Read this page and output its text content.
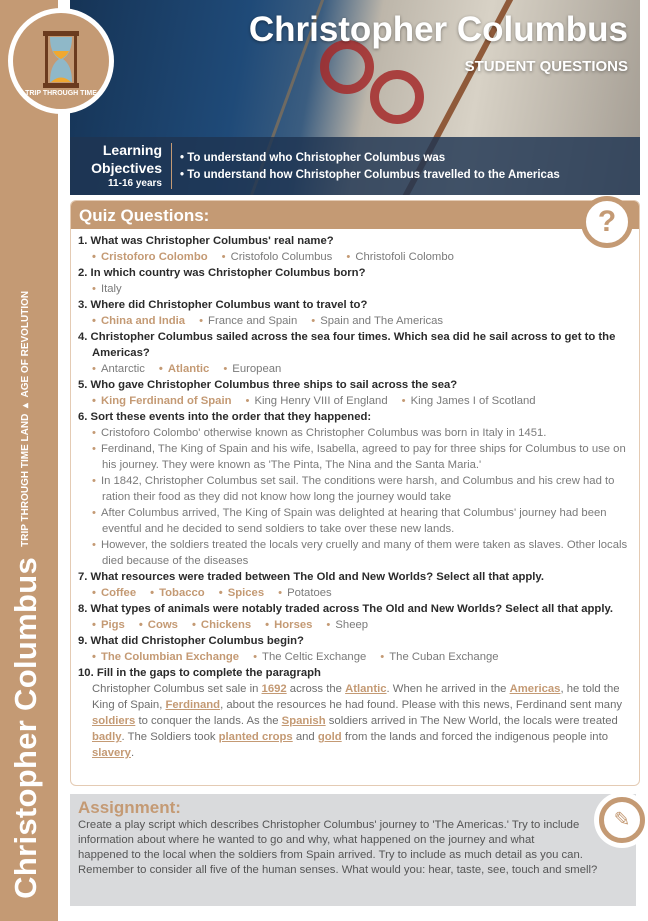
Christopher Columbus
TRIP THROUGH TIME LAND ▸ AGE OF REVOLUTION
Christopher Columbus
STUDENT QUESTIONS
Learning
Objectives
11-16 years
• To understand who Christopher Columbus was
• To understand how Christopher Columbus travelled to the Americas
TRIP THROUGH TIME
Quiz Questions:	?
1. What was Christopher Columbus' real name?
• Cristoforo Colombo • Cristofolo Columbus • Christofoli Colombo
2. In which country was Christopher Columbus born?
• Italy
3. Where did Christopher Columbus want to travel to?
• China and India • France and Spain • Spain and The Americas
4. Christopher Columbus sailed across the sea four times. Which sea did he sail across to get to the Americas?
• Antarctic • Atlantic • European
5. Who gave Christopher Columbus three ships to sail across the sea?
• King Ferdinand of Spain • King Henry VIII of England • King James I of Scotland
6. Sort these events into the order that they happened:
• Cristoforo Colombo' otherwise known as Christopher Columbus was born in Italy in 1451.
• Ferdinand, The King of Spain and his wife, Isabella, agreed to pay for three ships for Columbus to use on his journey. They were known as 'The Pinta, The Nina and the Santa Maria.'
• In 1842, Christopher Columbus set sail. The conditions were harsh, and Columbus and his crew had to ration their food as they did not know how long the journey would take
• After Columbus arrived, The King of Spain was delighted at hearing that Columbus' journey had been eventful and he decided to send soldiers to take over these new lands.
• However, the soldiers treated the locals very cruelly and many of them were taken as slaves. Other locals died because of the diseases
7. What resources were traded between The Old and New Worlds? Select all that apply.
• Coffee • Tobacco • Spices • Potatoes
8. What types of animals were notably traded across The Old and New Worlds? Select all that apply.
• Pigs • Cows • Chickens • Horses • Sheep
9. What did Christopher Columbus begin?
• The Columbian Exchange • The Celtic Exchange • The Cuban Exchange
10. Fill in the gaps to complete the paragraph
Christopher Columbus set sale in 1692 across the Atlantic. When he arrived in the Americas, he told the King of Spain, Ferdinand, about the resources he had found. Please with this news, Ferdinand sent many soldiers to conquer the lands. As the Spanish soldiers arrived in The New World, the locals were treated badly. The Soldiers took planted crops and gold from the lands and forced the indigenous people into slavery.
Assignment:
Create a play script which describes Christopher Columbus' journey to 'The Americas.' Try to include information about where he wanted to go and why, what happened on the journey and what happened to the local when the soldiers from Spain arrived. Try to include as much detail as you can. Remember to consider all five of the human senses. What would you: hear, taste, see, touch and smell?
✎
